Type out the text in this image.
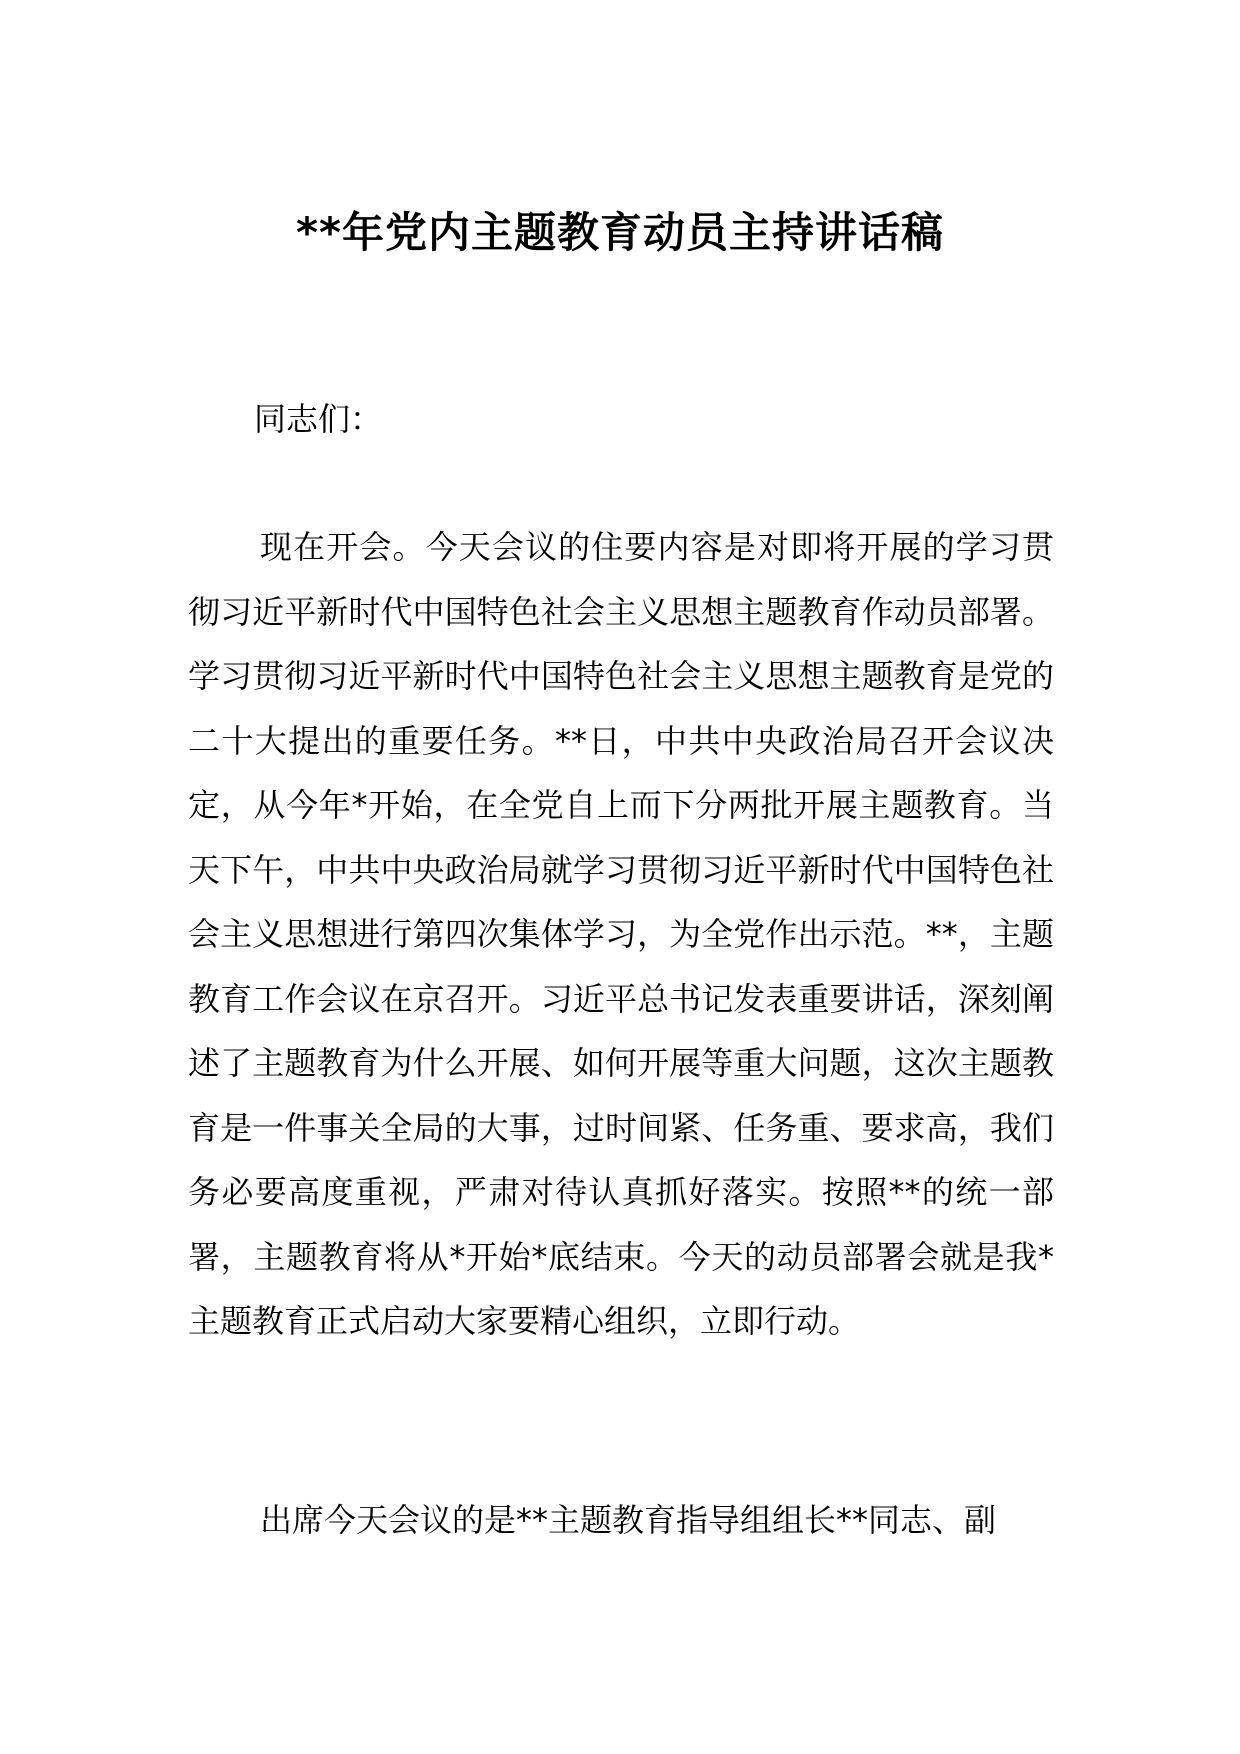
**年党内主题教育动员主持讲话稿

同志们：

现在开会。今天会议的住要内容是对即将开展的学习贯彻习近平新时代中国特色社会主义思想主题教育作动员部署。学习贯彻习近平新时代中国特色社会主义思想主题教育是党的二十大提出的重要任务。**日，中共中央政治局召开会议决定，从今年*开始，在全党自上而下分两批开展主题教育。当天下午，中共中央政治局就学习贯彻习近平新时代中国特色社会主义思想进行第四次集体学习，为全党作出示范。**，主题教育工作会议在京召开。习近平总书记发表重要讲话，深刻阐述了主题教育为什么开展、如何开展等重大问题，这次主题教育是一件事关全局的大事，过时间紧、任务重、要求高，我们务必要高度重视，严肃对待认真抓好落实。按照**的统一部署，主题教育将从*开始*底结束。今天的动员部署会就是我*主题教育正式启动大家要精心组织，立即行动。

出席今天会议的是**主题教育指导组组长**同志、副
